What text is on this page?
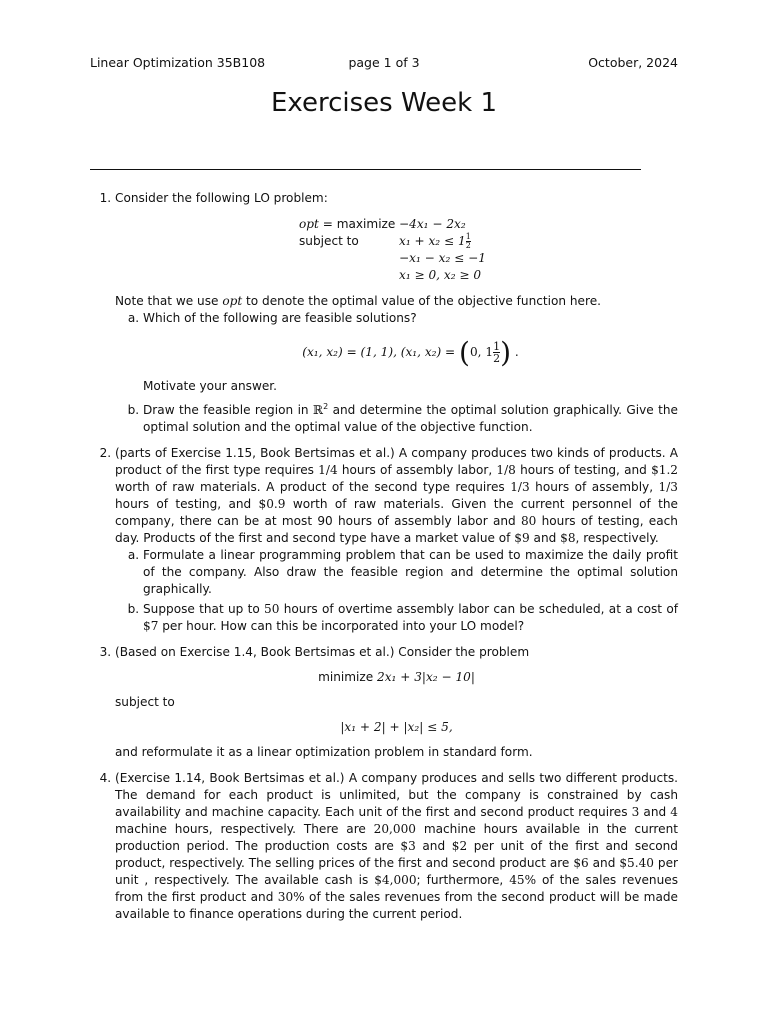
Linear Optimization 35B108	page 1 of 3	October, 2024
Exercises Week 1
1. Consider the following LO problem:
opt = maximize	−4x₁ − 2x₂
subject to	$x_1 + x_2 \le 1 \frac{1}{2}$

	−x₁ − x₂ ≤ −1
	x₁ ≥ 0, x₂ ≥ 0
Note that we use opt to denote the optimal value of the objective function here.
a. Which of the following are feasible solutions?
(x₁, x₂) = (1, 1), (x₁, x₂) = (0, $1 \frac{1}{2}$ ) .
Motivate your answer.
b. Draw the feasible region in ℝ$^2$ and determine the optimal solution graphically. Give the optimal solution and the optimal value of the objective function.
2. (parts of Exercise 1.15, Book Bertsimas et al.) A company produces two kinds of products. A product of the first type requires 1/4 hours of assembly labor, 1/8 hours of testing, and $1.2 worth of raw materials. A product of the second type requires 1/3 hours of assembly, 1/3 hours of testing, and $0.9 worth of raw materials. Given the current personnel of the company, there can be at most 90 hours of assembly labor and 80 hours of testing, each day. Products of the first and second type have a market value of $9 and $8, respectively.
a. Formulate a linear programming problem that can be used to maximize the daily profit of the company. Also draw the feasible region and determine the optimal solution graphically.
b. Suppose that up to 50 hours of overtime assembly labor can be scheduled, at a cost of $7 per hour. How can this be incorporated into your LO model?
3. (Based on Exercise 1.4, Book Bertsimas et al.) Consider the problem
minimize 2x₁ + 3|x₂ − 10|
subject to
|x₁ + 2| + |x₂| ≤ 5,
and reformulate it as a linear optimization problem in standard form.
4. (Exercise 1.14, Book Bertsimas et al.) A company produces and sells two different products. The demand for each product is unlimited, but the company is constrained by cash availability and machine capacity. Each unit of the first and second product requires 3 and 4 machine hours, respectively. There are 20,000 machine hours available in the current production period. The production costs are $3 and $2 per unit of the first and second product, respectively. The selling prices of the first and second product are $6 and $5.40 per unit , respectively. The available cash is $4,000; furthermore, 45% of the sales revenues from the first product and 30% of the sales revenues from the second product will be made available to finance operations during the current period.
